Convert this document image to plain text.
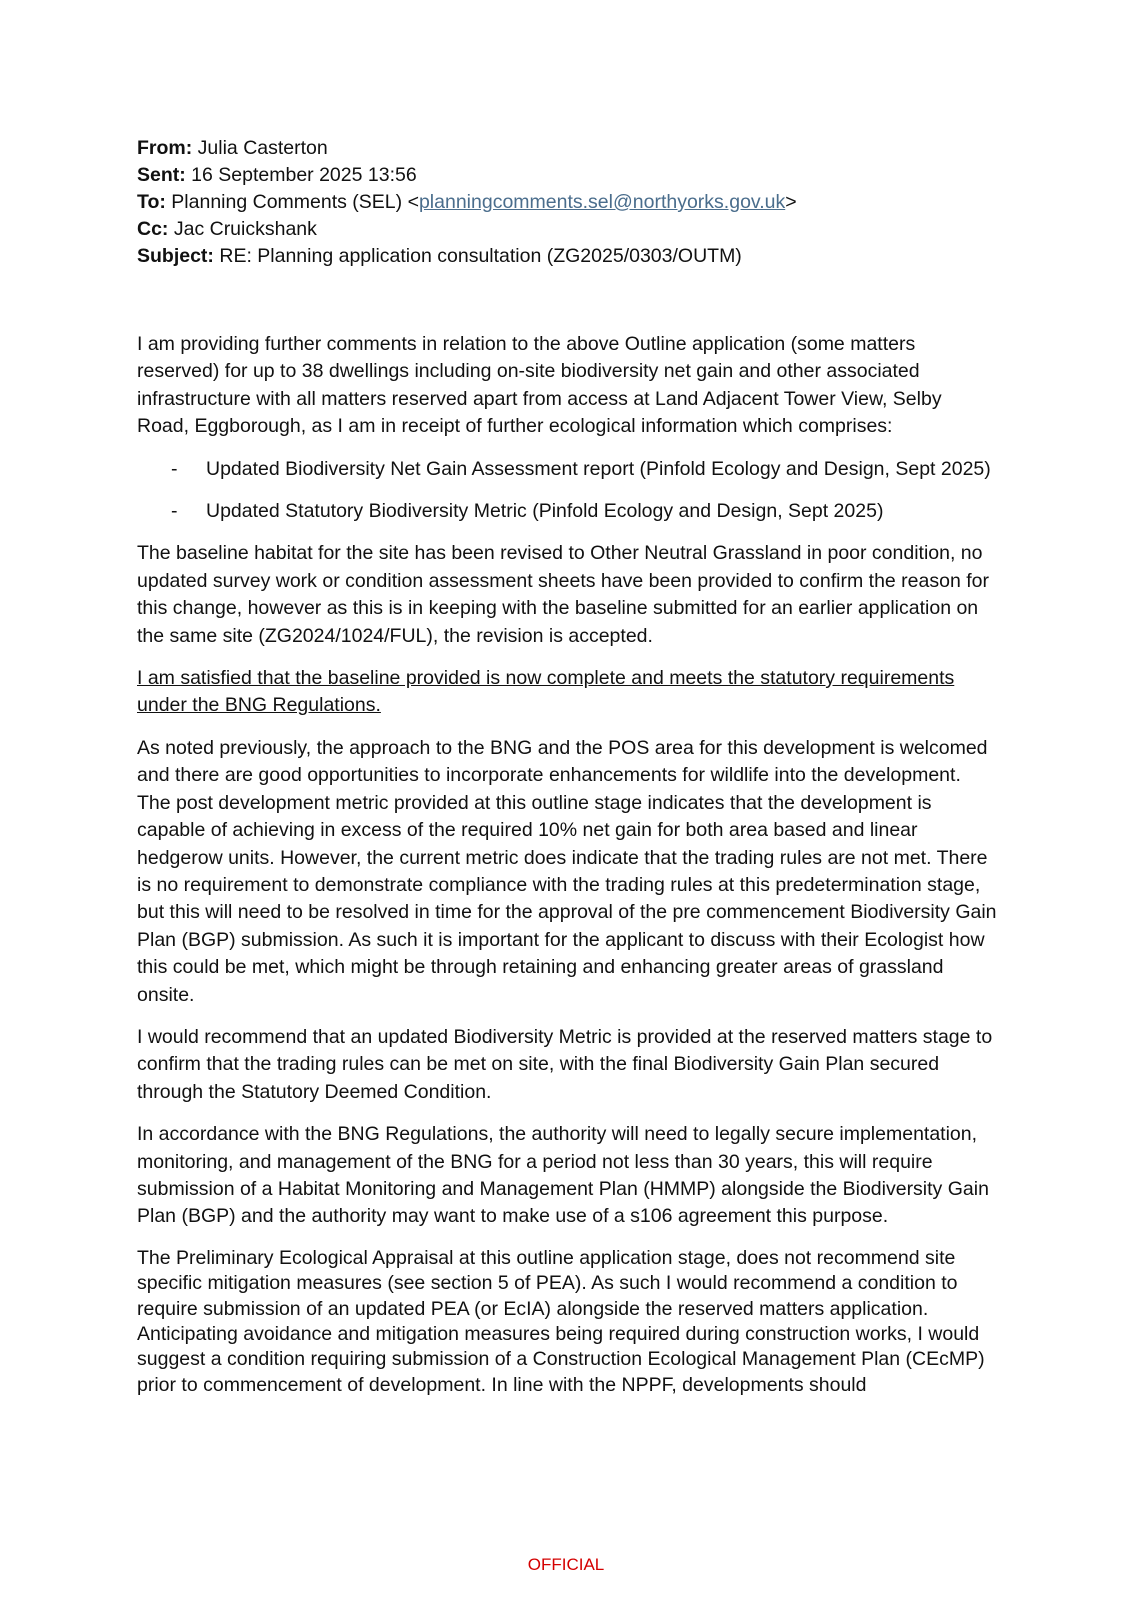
From: Julia Casterton
Sent: 16 September 2025 13:56
To: Planning Comments (SEL) <planningcomments.sel@northyorks.gov.uk>
Cc: Jac Cruickshank
Subject: RE: Planning application consultation (ZG2025/0303/OUTM)

I am providing further comments in relation to the above Outline application (some matters reserved) for up to 38 dwellings including on-site biodiversity net gain and other associated infrastructure with all matters reserved apart from access at Land Adjacent Tower View, Selby Road, Eggborough, as I am in receipt of further ecological information which comprises:

- Updated Biodiversity Net Gain Assessment report (Pinfold Ecology and Design, Sept 2025)
- Updated Statutory Biodiversity Metric (Pinfold Ecology and Design, Sept 2025)

The baseline habitat for the site has been revised to Other Neutral Grassland in poor condition, no updated survey work or condition assessment sheets have been provided to confirm the reason for this change, however as this is in keeping with the baseline submitted for an earlier application on the same site (ZG2024/1024/FUL), the revision is accepted.

I am satisfied that the baseline provided is now complete and meets the statutory requirements under the BNG Regulations.

As noted previously, the approach to the BNG and the POS area for this development is welcomed and there are good opportunities to incorporate enhancements for wildlife into the development. The post development metric provided at this outline stage indicates that the development is capable of achieving in excess of the required 10% net gain for both area based and linear hedgerow units. However, the current metric does indicate that the trading rules are not met. There is no requirement to demonstrate compliance with the trading rules at this predetermination stage, but this will need to be resolved in time for the approval of the pre commencement Biodiversity Gain Plan (BGP) submission. As such it is important for the applicant to discuss with their Ecologist how this could be met, which might be through retaining and enhancing greater areas of grassland onsite.

I would recommend that an updated Biodiversity Metric is provided at the reserved matters stage to confirm that the trading rules can be met on site, with the final Biodiversity Gain Plan secured through the Statutory Deemed Condition.

In accordance with the BNG Regulations, the authority will need to legally secure implementation, monitoring, and management of the BNG for a period not less than 30 years, this will require submission of a Habitat Monitoring and Management Plan (HMMP) alongside the Biodiversity Gain Plan (BGP) and the authority may want to make use of a s106 agreement this purpose.

The Preliminary Ecological Appraisal at this outline application stage, does not recommend site specific mitigation measures (see section 5 of PEA). As such I would recommend a condition to require submission of an updated PEA (or EcIA) alongside the reserved matters application. Anticipating avoidance and mitigation measures being required during construction works, I would suggest a condition requiring submission of a Construction Ecological Management Plan (CEcMP) prior to commencement of development. In line with the NPPF, developments should

OFFICIAL
